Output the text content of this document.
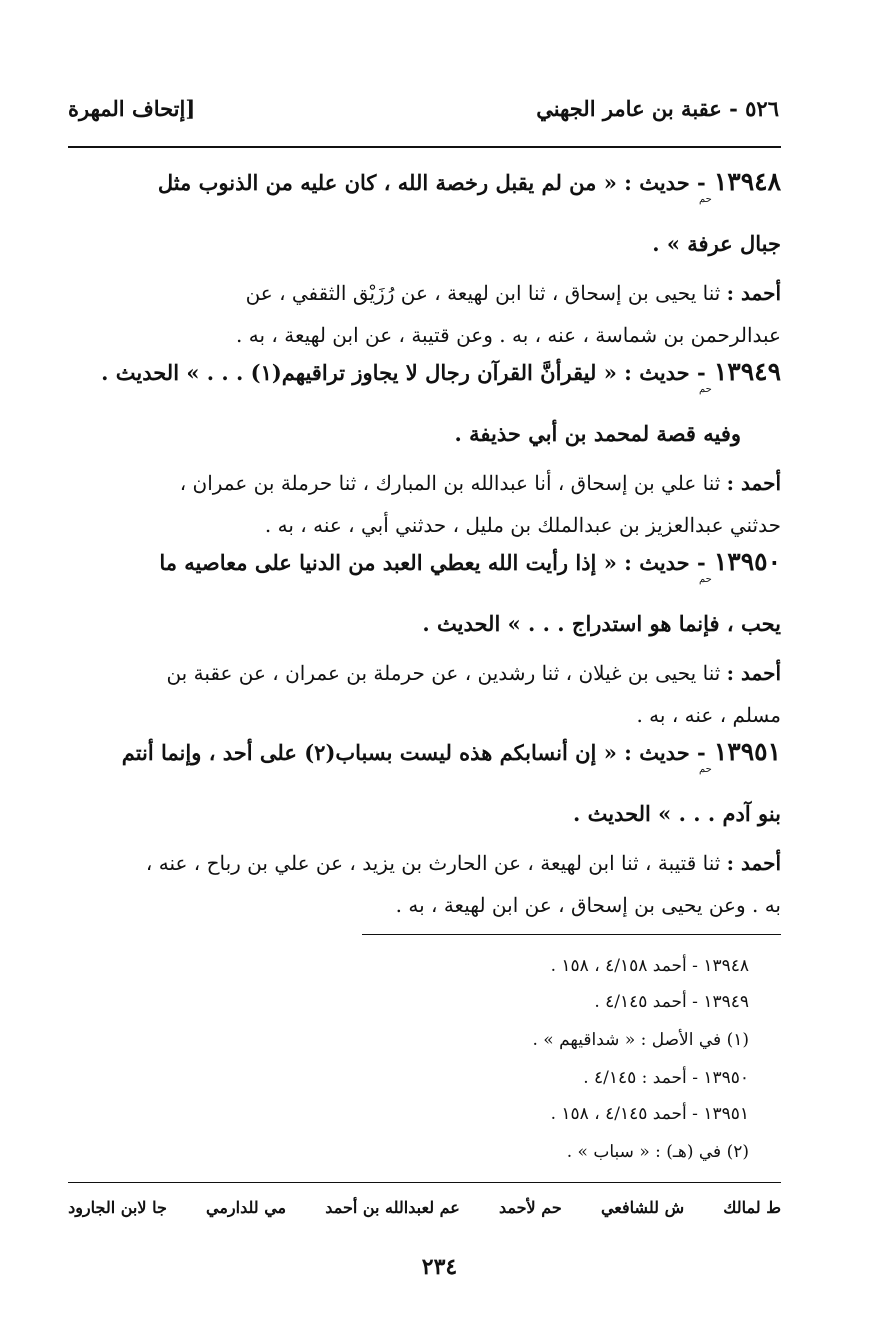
٥٢٦ - عقبة بن عامر الجهني
[إتحاف المهرة
$١٣٩٤٨_{حم}$ - حديث : « من لم يقبل رخصة الله ، كان عليه من الذنوب مثل
جبال عرفة » .
أحمد : ثنا يحيى بن إسحاق ، ثنا ابن لهيعة ، عن رُزَيْق الثقفي ، عن
عبدالرحمن بن شماسة ، عنه ، به . وعن قتيبة ، عن ابن لهيعة ، به .
$١٣٩٤٩_{حم}$ - حديث : « ليقرأنَّ القرآن رجال لا يجاوز تراقيهم(١) . . . » الحديث .
وفيه قصة لمحمد بن أبي حذيفة .
أحمد : ثنا علي بن إسحاق ، أنا عبدالله بن المبارك ، ثنا حرملة بن عمران ،
حدثني عبدالعزيز بن عبدالملك بن مليل ، حدثني أبي ، عنه ، به .
$١٣٩٥٠_{حم}$ - حديث : « إذا رأيت الله يعطي العبد من الدنيا على معاصيه ما
يحب ، فإنما هو استدراج . . . » الحديث .
أحمد : ثنا يحيى بن غيلان ، ثنا رشدين ، عن حرملة بن عمران ، عن عقبة بن
مسلم ، عنه ، به .
$١٣٩٥١_{حم}$ - حديث : « إن أنسابكم هذه ليست بسباب(٢) على أحد ، وإنما أنتم
بنو آدم . . . » الحديث .
أحمد : ثنا قتيبة ، ثنا ابن لهيعة ، عن الحارث بن يزيد ، عن علي بن رباح ، عنه ،
به . وعن يحيى بن إسحاق ، عن ابن لهيعة ، به .
١٣٩٤٨ - أحمد ٤/١٥٨ ، ١٥٨ .
١٣٩٤٩ - أحمد ٤/١٤٥ .
(١) في الأصل : « شداقيهم » .
١٣٩٥٠ - أحمد : ٤/١٤٥ .
١٣٩٥١ - أحمد ٤/١٤٥ ، ١٥٨ .
(٢) في (هـ) : « سباب » .
ط لمالك
ش للشافعي
حم لأحمد
عم لعبدالله بن أحمد
مي للدارمي
جا لابن الجارود
٢٣٤
